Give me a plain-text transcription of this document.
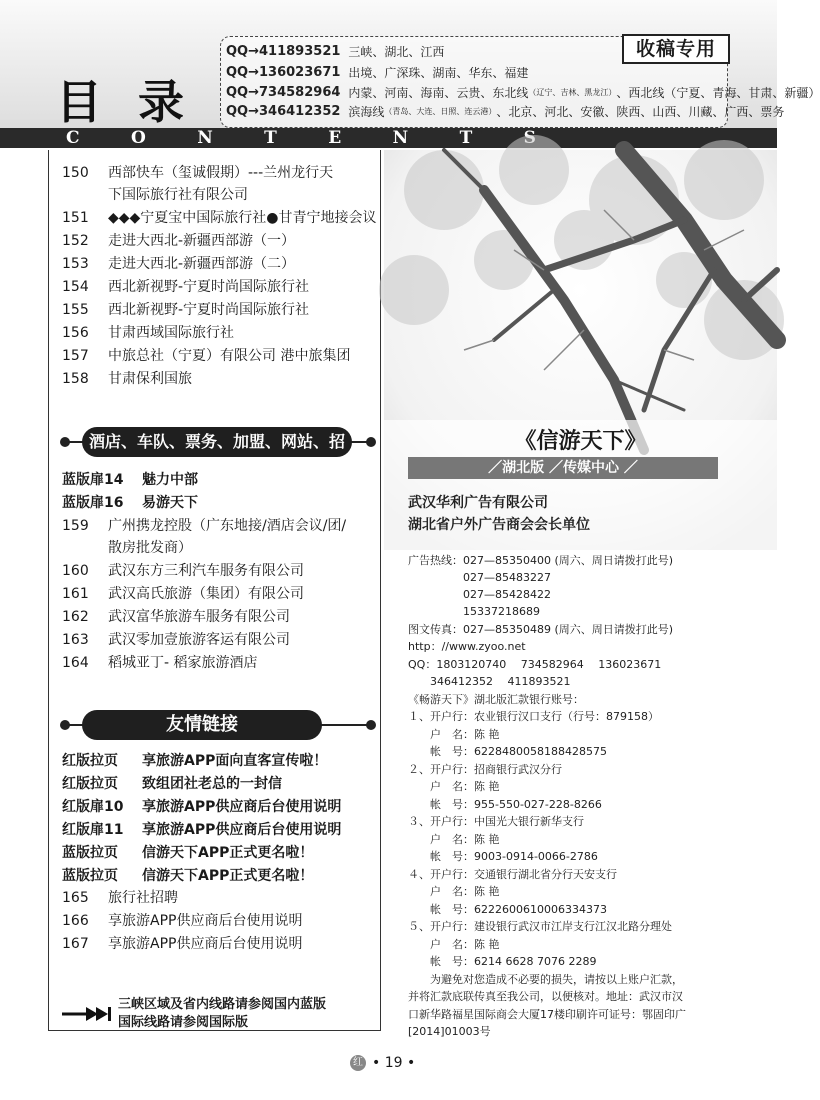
C	O	N	T	E	N	T
目 录
QQ→411893521 三峡、湖北、江西
QQ→136023671 出境、广深珠、湖南、华东、福建
QQ→734582964 内蒙、河南、海南、云贵、东北线 （辽宁、吉林、黑龙江） 、西北线（宁夏、青海、甘肃、新疆）
QQ→346412352 滨海线 （青岛、大连、日照、连云港） 、北京、河北、安徽、陕西、山西、川藏、广西、票务
收稿专用
150 西部快车（玺诚假期）---兰州龙行天
下国际旅行社有限公司
151 ◆◆◆宁夏宝中国际旅行社●甘青宁地接会议
152 走进大西北-新疆西部游（一）
153 走进大西北-新疆西部游（二）
154 西北新视野-宁夏时尚国际旅行社
155 西北新视野-宁夏时尚国际旅行社
156 甘肃西域国际旅行社
157 中旅总社（宁夏）有限公司 港中旅集团
158 甘肃保利国旅
酒店、车队、票务、加盟、网站、招聘
蓝版扉14 魅力中部
蓝版扉16 易游天下
159 广州携龙控股（广东地接/酒店会议/团/
散房批发商）
160 武汉东方三利汽车服务有限公司
161 武汉高氏旅游（集团）有限公司
162 武汉富华旅游车服务有限公司
163 武汉零加壹旅游客运有限公司
164 稻城亚丁- 稻家旅游酒店
友情链接
红版拉页 享旅游APP面向直客宣传啦！
红版拉页 致组团社老总的一封信
红版扉10 享旅游APP供应商后台使用说明
红版扉11 享旅游APP供应商后台使用说明
蓝版拉页 信游天下APP正式更名啦！
蓝版拉页 信游天下APP正式更名啦！
165 旅行社招聘
166 享旅游APP供应商后台使用说明
167 享旅游APP供应商后台使用说明
三峡区域及省内线路请参阅国内蓝版
国际线路请参阅国际版
《信游天下》
／湖北版 ／传媒中心 ／
武汉华利广告有限公司
湖北省户外广告商会会长单位
广告热线：027—85350400 (周六、周日请拨打此号)
　　　　　027—85483227
　　　　　027—85428422
　　　　　15337218689
图文传真：027—85350489 (周六、周日请拨打此号)
http：//www.zyoo.net
QQ：1803120740　 734582964　 136023671
　　346412352　 411893521
《畅游天下》湖北版汇款银行账号：
１、开户行：农业银行汉口支行（行号：879158）
　　户　名：陈 艳
　　帐　号：6228480058188428575
２、开户行：招商银行武汉分行
　　户　名：陈 艳
　　帐　号：955-550-027-228-8266
３、开户行：中国光大银行新华支行
　　户　名：陈 艳
　　帐　号：9003-0914-0066-2786
４、开户行：交通银行湖北省分行天安支行
　　户　名：陈 艳
　　帐　号：6222600610006334373
５、开户行：建设银行武汉市江岸支行江汉北路分理处
　　户　名：陈 艳
　　帐　号：6214 6628 7076 2289
　　为避免对您造成不必要的损失，请按以上账户汇款，
并将汇款底联传真至我公司，以便核对。地址：武汉市汉
口新华路福星国际商会大厦17楼印刷许可证号：鄂固印广
[2014]01003号
红 • 19 •
